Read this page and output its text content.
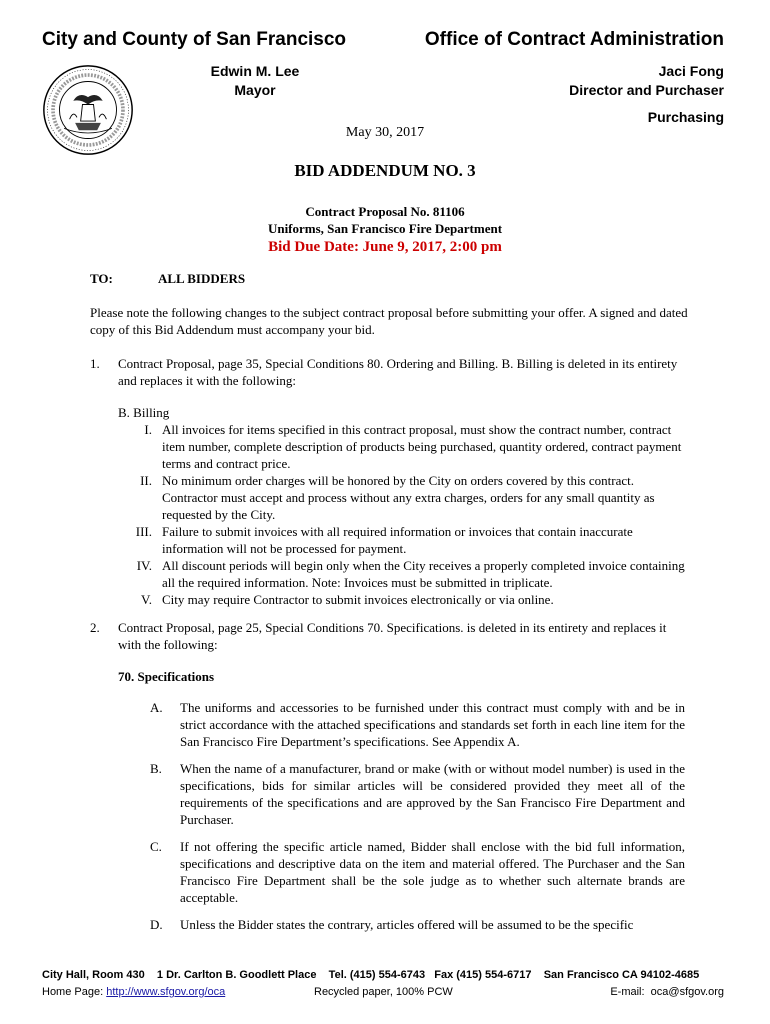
City and County of San Francisco	Office of Contract Administration
Edwin M. Lee
Mayor
Jaci Fong
Director and Purchaser
Purchasing
May 30, 2017
BID ADDENDUM NO. 3
Contract Proposal No. 81106
Uniforms, San Francisco Fire Department
Bid Due Date: June 9, 2017, 2:00 pm
TO:	ALL BIDDERS
Please note the following changes to the subject contract proposal before submitting your offer. A signed and dated copy of this Bid Addendum must accompany your bid.
1.	Contract Proposal, page 35, Special Conditions 80. Ordering and Billing. B. Billing is deleted in its entirety and replaces it with the following:
B. Billing
I. All invoices for items specified in this contract proposal, must show the contract number, contract item number, complete description of products being purchased, quantity ordered, contract payment terms and contract price.
II. No minimum order charges will be honored by the City on orders covered by this contract. Contractor must accept and process without any extra charges, orders for any small quantity as requested by the City.
III. Failure to submit invoices with all required information or invoices that contain inaccurate information will not be processed for payment.
IV. All discount periods will begin only when the City receives a properly completed invoice containing all the required information. Note: Invoices must be submitted in triplicate.
V. City may require Contractor to submit invoices electronically or via online.
2.	Contract Proposal, page 25, Special Conditions 70. Specifications. is deleted in its entirety and replaces it with the following:
70. Specifications
A.	The uniforms and accessories to be furnished under this contract must comply with and be in strict accordance with the attached specifications and standards set forth in each line item for the San Francisco Fire Department’s specifications. See Appendix A.
B.	When the name of a manufacturer, brand or make (with or without model number) is used in the specifications, bids for similar articles will be considered provided they meet all of the requirements of the specifications and are approved by the San Francisco Fire Department and Purchaser.
C.	If not offering the specific article named, Bidder shall enclose with the bid full information, specifications and descriptive data on the item and material offered. The Purchaser and the San Francisco Fire Department shall be the sole judge as to whether such alternate brands are acceptable.
D.	Unless the Bidder states the contrary, articles offered will be assumed to be the specific
City Hall, Room 430    1 Dr. Carlton B. Goodlett Place    Tel. (415) 554-6743   Fax (415) 554-6717    San Francisco CA 94102-4685
Home Page: http://www.sfgov.org/oca	Recycled paper, 100% PCW	E-mail:  oca@sfgov.org
